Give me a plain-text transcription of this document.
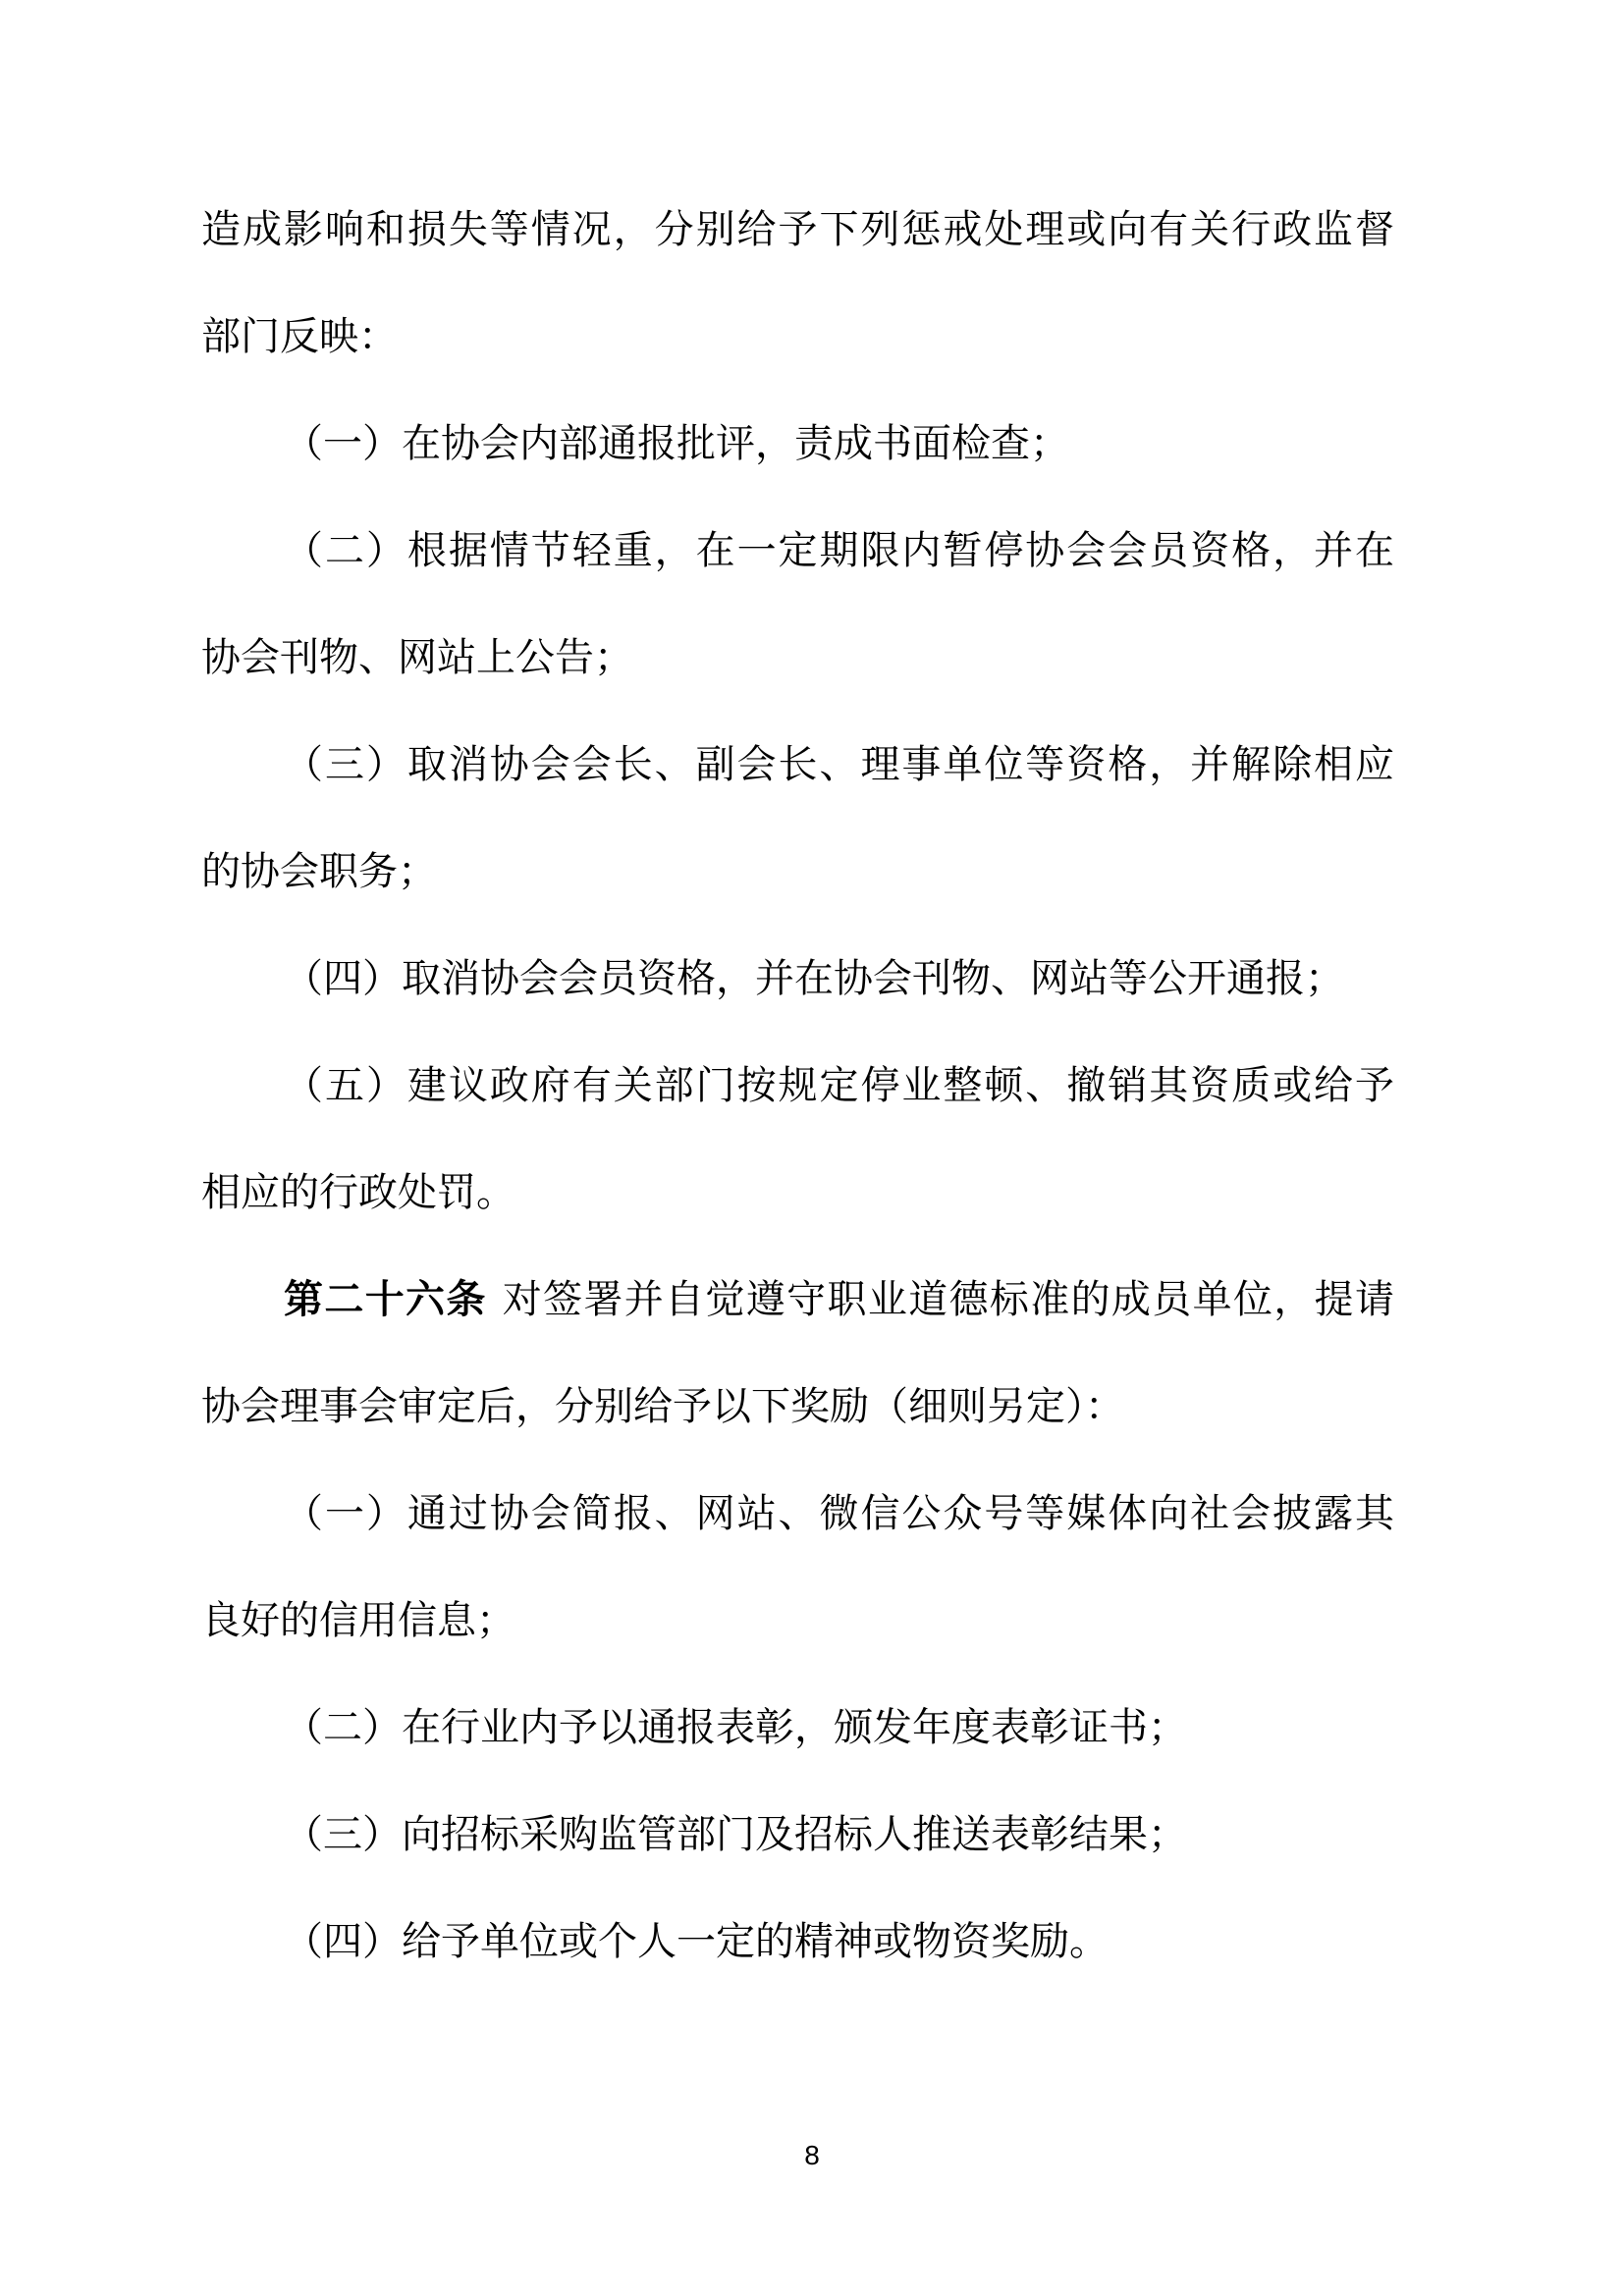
造成影响和损失等情况，分别给予下列惩戒处理或向有关行政监督
部门反映：
（一）在协会内部通报批评，责成书面检查；
（二）根据情节轻重，在一定期限内暂停协会会员资格，并在
协会刊物、网站上公告；
（三）取消协会会长、副会长、理事单位等资格，并解除相应
的协会职务；
（四）取消协会会员资格，并在协会刊物、网站等公开通报；
（五）建议政府有关部门按规定停业整顿、撤销其资质或给予
相应的行政处罚。
第二十六条 对签署并自觉遵守职业道德标准的成员单位，提请
协会理事会审定后，分别给予以下奖励（细则另定）：
（一）通过协会简报、网站、微信公众号等媒体向社会披露其
良好的信用信息；
（二）在行业内予以通报表彰，颁发年度表彰证书；
（三）向招标采购监管部门及招标人推送表彰结果；
（四）给予单位或个人一定的精神或物资奖励。
8
